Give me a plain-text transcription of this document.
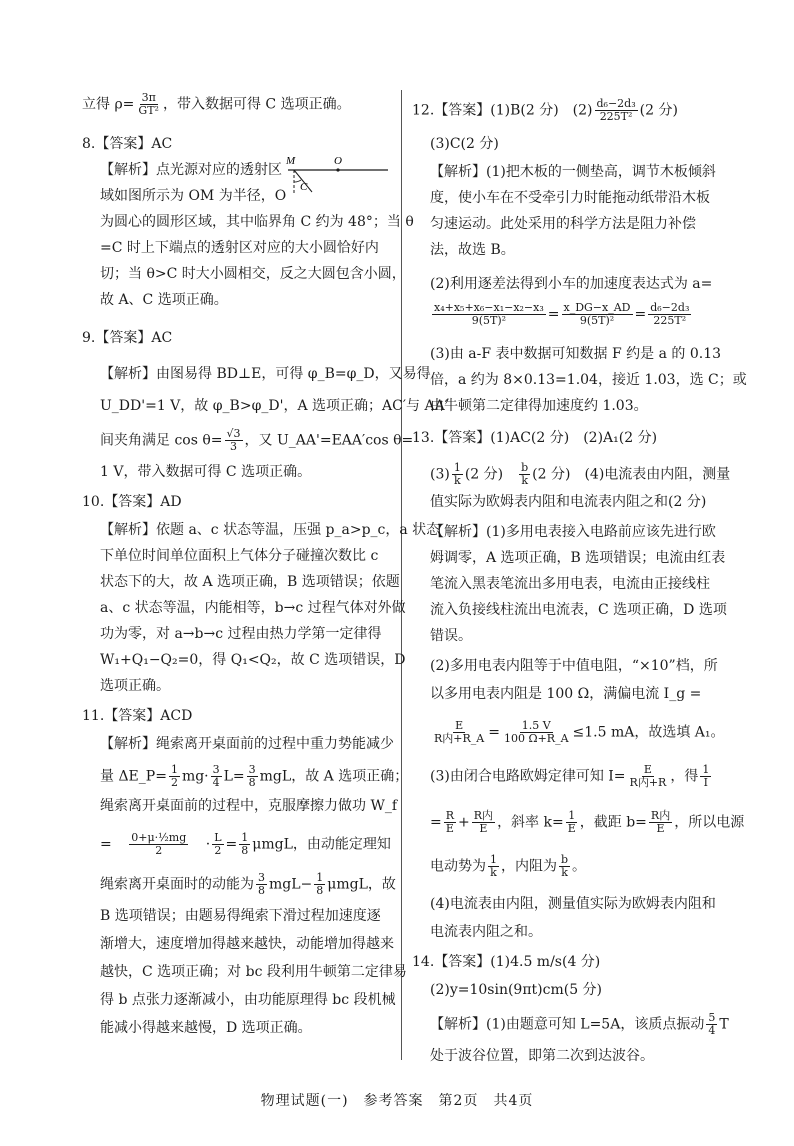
立得 $\rho= \frac{3\pi}{\text{GT²}}$ ，带入数据可得 C 选项正确。
8.【答案】AC
【解析】点光源对应的透射区
域如图所示为 OM 为半径，O
为圆心的圆形区域，其中临界角 C 约为 48°；当 θ
=C 时上下端点的透射区对应的大小圆恰好内
切；当 θ>C 时大小圆相交，反之大圆包含小圆，
故 A、C 选项正确。
9.【答案】AC
【解析】由图易得 BD⊥E，可得 φ_B=φ_D，又易得
U_DD'=1 V，故 φ_B>φ_D'，A 选项正确；AC′与 AA′
间夹角满足 $\cos \theta= \frac{√3}{3}$ ，又 U_AA'=EAA′cos θ=
1 V，带入数据可得 C 选项正确。
10.【答案】AD
【解析】依题 a、c 状态等温，压强 p_a>p_c，a 状态
下单位时间单位面积上气体分子碰撞次数比 c
状态下的大，故 A 选项正确，B 选项错误；依题
a、c 状态等温，内能相等，b→c 过程气体对外做
功为零，对 a→b→c 过程由热力学第一定律得
W₁+Q₁−Q₂=0，得 Q₁<Q₂，故 C 选项错误，D
选项正确。
11.【答案】ACD
【解析】绳索离开桌面前的过程中重力势能减少
量 ΔE_P= $\frac{1}{2} mg\cdot \frac{3}{4} L= \frac{3}{8}$ mgL，故 A 选项正确；
绳索离开桌面前的过程中，克服摩擦力做功 W_f
= $\frac{\text{0+μ·½mg}}{2} \cdot \frac{L}{2} = \frac{1}{8}$ μmgL，由动能定理知
绳索离开桌面时的动能为 $\frac{3}{8} mgL- \frac{1}{8}$ μmgL，故
B 选项错误；由题易得绳索下滑过程加速度逐
渐增大，速度增加得越来越快，动能增加得越来
越快，C 选项正确；对 bc 段利用牛顿第二定律易
得 b 点张力逐渐减小，由功能原理得 bc 段机械
能减小得越来越慢，D 选项正确。
M	O
C
12.【答案】(1)B(2 分)　$(2) \frac{\text{d₆−2d₃}}{\text{225T²}} (2$ 分)
(3)C(2 分)
【解析】(1)把木板的一侧垫高，调节木板倾斜
度，使小车在不受牵引力时能拖动纸带沿木板
匀速运动。此处采用的科学方法是阻力补偿
法，故选 B。
(2)利用逐差法得到小车的加速度表达式为 a=
$\frac{\text{x₄+x₅+x₆−x₁−x₂−x₃}}{\text{9(5T)²}} = \frac{x\_DG-x\_AD}{\text{9(5T)²}} = \frac{\text{d₆−2d₃}}{\text{225T²}}$
(3)由 a-F 表中数据可知数据 F 约是 a 的 0.13
倍，a 约为 8×0.13=1.04，接近 1.03，选 C；或
由牛顿第二定律得加速度约 1.03。
13.【答案】(1)AC(2 分)　(2)A₁(2 分)
$(3) \frac{1}{k} (2$ 分)　 $\frac{b}{k} (2$ 分)　(4)电流表由内阻，测量
值实际为欧姆表内阻和电流表内阻之和(2 分)
【解析】(1)多用电表接入电路前应该先进行欧
姆调零，A 选项正确，B 选项错误；电流由红表
笔流入黑表笔流出多用电表，电流由正接线柱
流入负接线柱流出电流表，C 选项正确，D 选项
错误。
(2)多用电表内阻等于中值电阻，“×10”档，所
以多用电表内阻是 100 Ω，满偏电流 I_g =
$\frac{E}{\text{R内+R\_A}} = \frac{1.5 V}{100 \Omega+R\_A} \le 1.5$ mA，故选填 A₁。
(3)由闭合电路欧姆定律可知 $I= \frac{E}{\text{R内+R}}$ ，得 $\frac{1}{I}$
= $\frac{R}{E} + \frac{\text{R内}}{E}$ ，斜率 $k= \frac{1}{E}$ ，截距 $b= \frac{\text{R内}}{E}$ ，所以电源
电动势为 $\frac{1}{k}$ ，内阻为 $\frac{b}{k}$ 。
(4)电流表由内阻，测量值实际为欧姆表内阻和
电流表内阻之和。
14.【答案】(1)4.5 m/s(4 分)
(2)y=10sin(9πt)cm(5 分)
【解析】(1)由题意可知 L=5A，该质点振动 $\frac{5}{4}$ T
处于波谷位置，即第二次到达波谷。
物理试题(一)　参考答案　第2页　共4页
